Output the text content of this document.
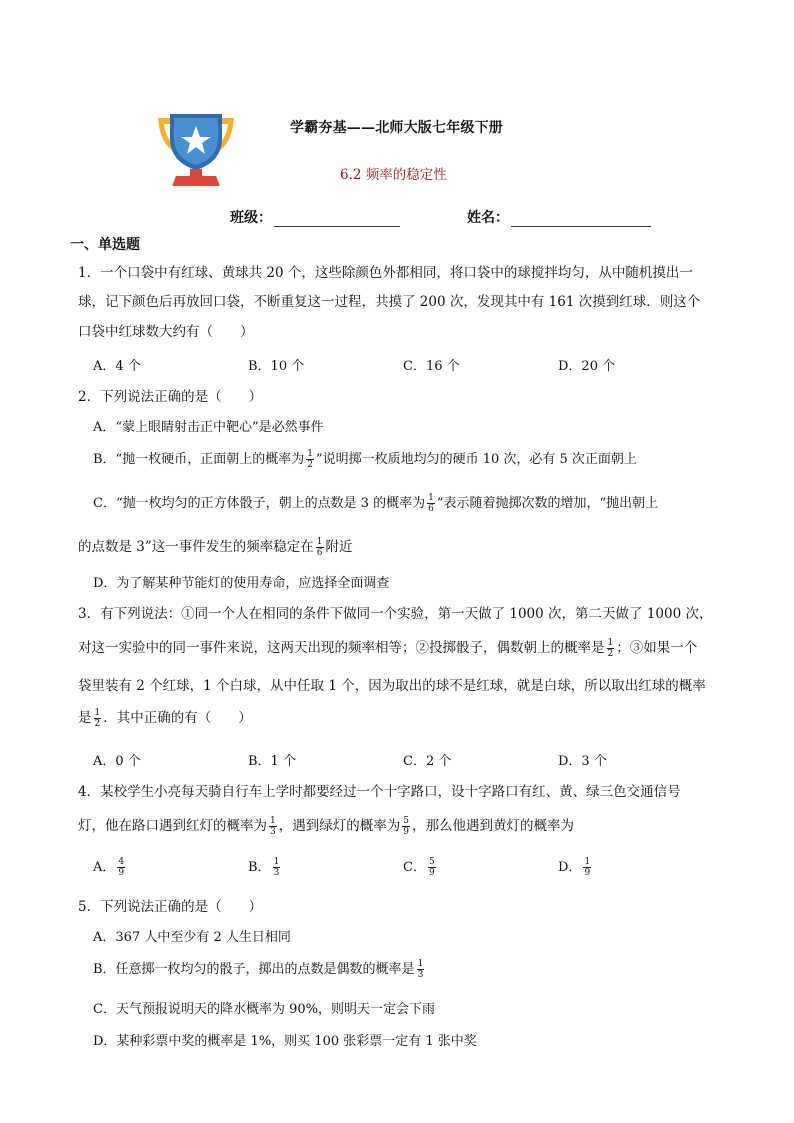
学霸夯基——北师大版七年级下册
6.2 频率的稳定性
班级：	姓名：
一、单选题
1．一个口袋中有红球、黄球共 20 个，这些除颜色外都相同，将口袋中的球搅拌均匀，从中随机摸出一
球，记下颜色后再放回口袋，不断重复这一过程，共摸了 200 次，发现其中有 161 次摸到红球．则这个
口袋中红球数大约有（　　）
A．4 个	B．10 个	C．16 个	D．20 个
2．下列说法正确的是（　　）
A．“蒙上眼睛射击正中靶心”是必然事件
B．“抛一枚硬币，正面朝上的概率为 $\frac{1}{2}$ ”说明掷一枚质地均匀的硬币 10 次，必有 5 次正面朝上
C．“抛一枚均匀的正方体骰子，朝上的点数是 3 的概率为 $\frac{1}{6}$ ”表示随着抛掷次数的增加，“抛出朝上
的点数是 3”这一事件发生的频率稳定在 $\frac{1}{6}$ 附近
D．为了解某种节能灯的使用寿命，应选择全面调查
3．有下列说法：①同一个人在相同的条件下做同一个实验，第一天做了 1000 次，第二天做了 1000 次，
对这一实验中的同一事件来说，这两天出现的频率相等；②投掷骰子，偶数朝上的概率是 $\frac{1}{2}$ ；③如果一个
袋里装有 2 个红球，1 个白球，从中任取 1 个，因为取出的球不是红球，就是白球，所以取出红球的概率
是 $\frac{1}{2}$ ．其中正确的有（　　）
A．0 个	B．1 个	C．2 个	D．3 个
4．某校学生小亮每天骑自行车上学时都要经过一个十字路口，设十字路口有红、黄、绿三色交通信号
灯，他在路口遇到红灯的概率为 $\frac{1}{3}$ ，遇到绿灯的概率为 $\frac{5}{9}$ ，那么他遇到黄灯的概率为
A． $\frac{4}{9}$	B． $\frac{1}{3}$	C． $\frac{5}{9}$	D． $\frac{1}{9}$
5．下列说法正确的是（　　）
A．367 人中至少有 2 人生日相同
B．任意掷一枚均匀的骰子，掷出的点数是偶数的概率是 $\frac{1}{3}$
C．天气预报说明天的降水概率为 90%，则明天一定会下雨
D．某种彩票中奖的概率是 1%，则买 100 张彩票一定有 1 张中奖
